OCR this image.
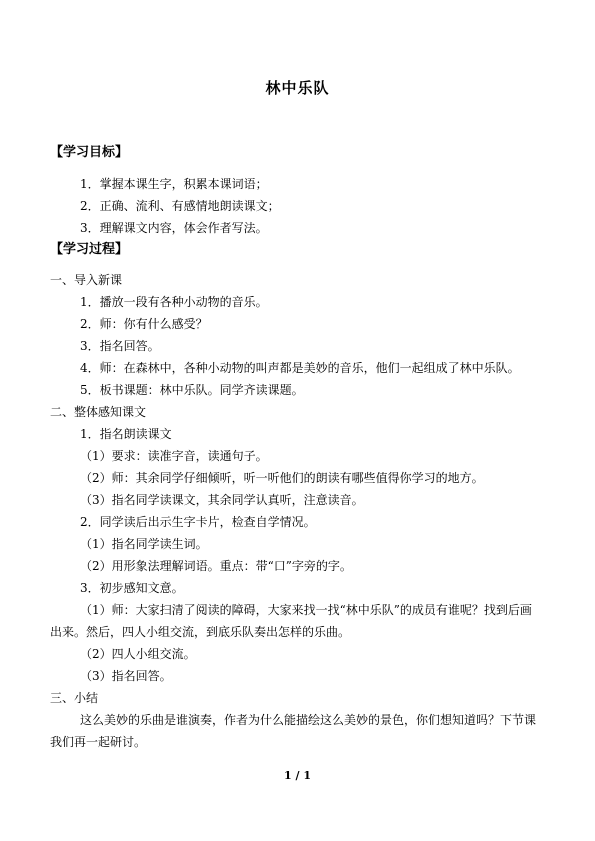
林中乐队
【学习目标】
1．掌握本课生字，积累本课词语；
2．正确、流利、有感情地朗读课文；
3．理解课文内容，体会作者写法。
【学习过程】
一、导入新课
1．播放一段有各种小动物的音乐。
2．师：你有什么感受？
3．指名回答。
4．师：在森林中，各种小动物的叫声都是美妙的音乐，他们一起组成了林中乐队。
5．板书课题：林中乐队。同学齐读课题。
二、整体感知课文
1．指名朗读课文
（1）要求：读准字音，读通句子。
（2）师：其余同学仔细倾听，听一听他们的朗读有哪些值得你学习的地方。
（3）指名同学读课文，其余同学认真听，注意读音。
2．同学读后出示生字卡片，检查自学情况。
（1）指名同学读生词。
（2）用形象法理解词语。重点：带“口”字旁的字。
3．初步感知文意。
（1）师：大家扫清了阅读的障碍，大家来找一找“林中乐队”的成员有谁呢？找到后画
出来。然后，四人小组交流，到底乐队奏出怎样的乐曲。
（2）四人小组交流。
（3）指名回答。
三、小结
这么美妙的乐曲是谁演奏，作者为什么能描绘这么美妙的景色，你们想知道吗？下节课
我们再一起研讨。
1 / 1
